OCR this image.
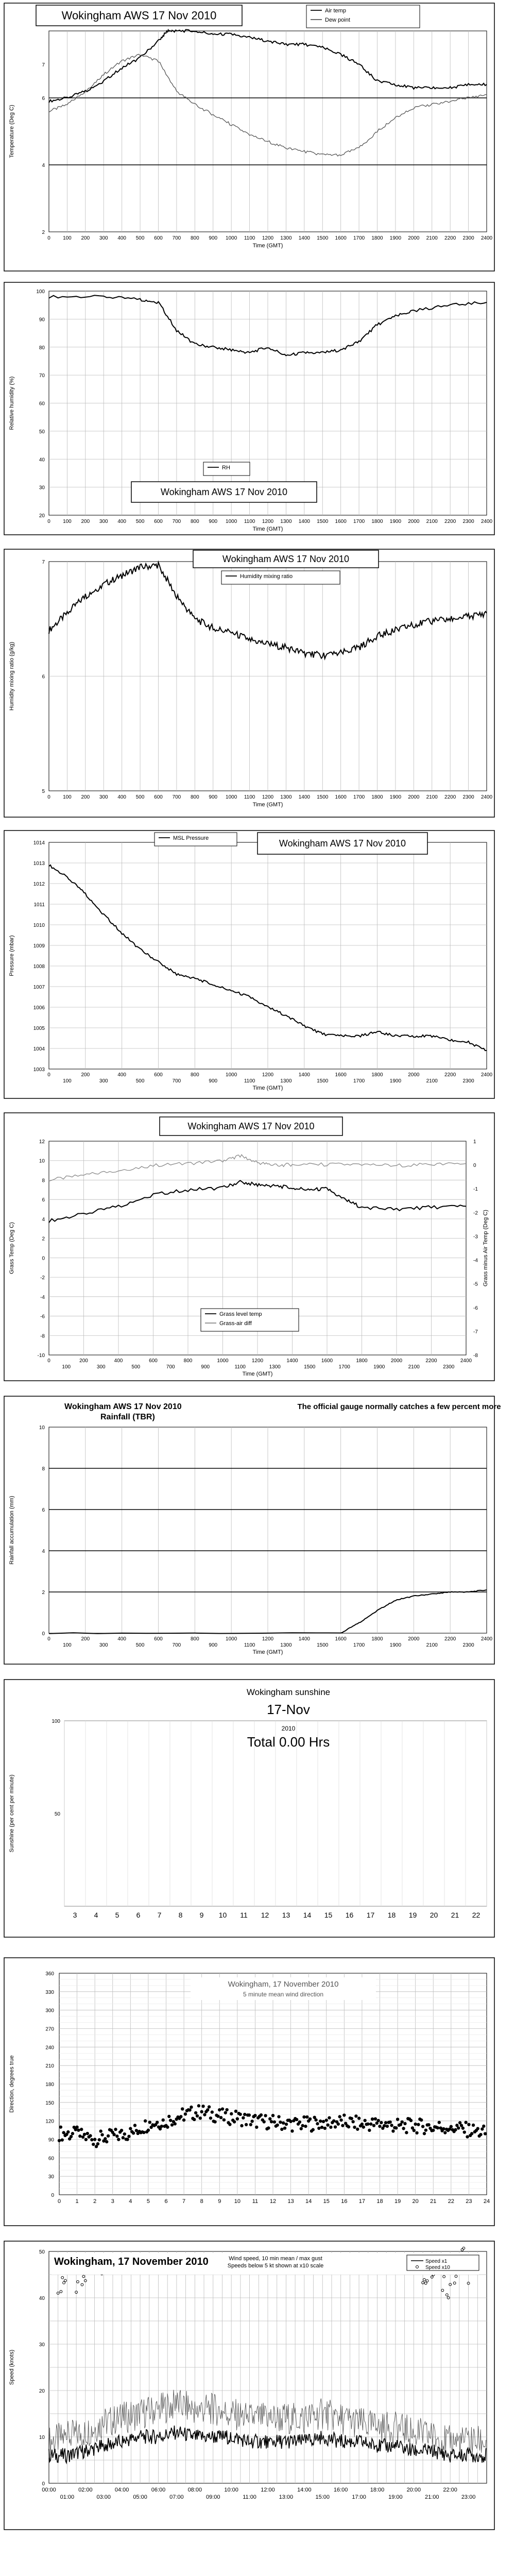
2
4
6
7
Temperature (Deg C)
0 100 200 300 400 500 600 700 800 900 1000 1100 1200 1300 1400 1500 1600 1700 1800 1900 2000 2100 2200 2300 2400
Time (GMT)
Wokingham AWS 17 Nov 2010	Air temp
Dew point
20
30
40
50
60
70
80
90
100
Relative humidity (%)
0 100 200 300 400 500 600 700 800 900 1000 1100 1200 1300 1400 1500 1600 1700 1800 1900 2000 2100 2200 2300 2400
Time (GMT)
RH
Wokingham AWS 17 Nov 2010
5
6
7
Humidity mixing ratio (g/kg)
0 100 200 300 400 500 600 700 800 900 1000 1100 1200 1300 1400 1500 1600 1700 1800 1900 2000 2100 2200 2300 2400
Time (GMT)
Wokingham AWS 17 Nov 2010
Humidity mixing ratio
1003
1004
1005
1006
1007
1008
1009
1010
1011
1012
1013
1014
Pressure (mbar)
0
100
200
300
400
500
600
700
800
900
1000
1100
1200
1300
1400
1500
1600
1700
1800
1900
2000
2100
2200
2300
2400
Time (GMT)
MSL Pressure	Wokingham AWS 17 Nov 2010
-10
-8
-6
-4
-2
0
2
4
6
8
10
12
Grass Temp (Deg C)
-8
-7
-6
-5
-4
-3
-2
-1
0
1
Grass minus Air Temp (Deg C)
0
100
200
300
400
500
600
700
800
900
1000
1100
1200
1300
1400
1500
1600
1700
1800
1900
2000
2100
2200
2300
2400
Time (GMT)
Wokingham AWS 17 Nov 2010
Grass level temp
Grass-air diff
0
2
4
6
8
10
Rainfall accumulation (mm)
0
100
200
300
400
500
600
700
800
900
1000
1100
1200
1300
1400
1500
1600
1700
1800
1900
2000
2100
2200
2300
2400
Time (GMT)
Wokingham AWS 17 Nov 2010
Rainfall (TBR)
The official gauge normally catches a few percent more
3 4 5 6 7 8 9 10 11 12 13 14 15 16 17 18 19 20 21 22
50
100
Sunshine (per cent per minute)
Wokingham sunshine
17-Nov
2010
Total 0.00 Hrs
0
30
60
90
120
150
180
210
240
270
300
330
360
0	1	2	3	4	5	6	7	8	9 10 11 12 13 14 15 16 17 18 19 20 21 22 23 24
Direction, degrees true
Wokingham, 17 November 2010
5 minute mean wind direction
0
10
20
30
40
50
00:00	02:00	04:00	06:00	08:00	10:00	12:00	14:00	16:00	18:00	20:00	22:00
01:00	03:00	05:00	07:00	09:00	11:00	13:00	15:00	17:00	19:00	21:00	23:00
Speed (knots)
Wokingham, 17 November 2010	Wind speed, 10 min mean / max gust
Speeds below 5 kt shown at x10 scale
Speed x1
Speed x10
